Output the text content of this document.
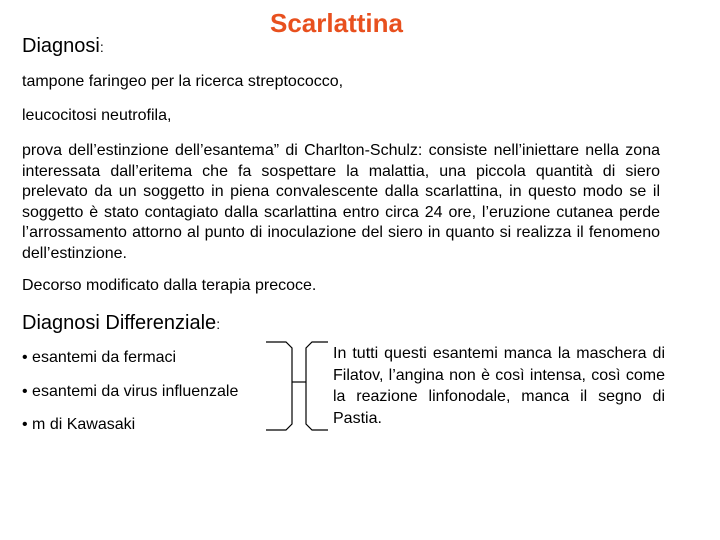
Scarlattina
Diagnosi:
tampone faringeo per la ricerca streptococco,
leucocitosi neutrofila,
prova dell’estinzione dell’esantema” di Charlton-Schulz: consiste nell’iniettare nella zona interessata dall’eritema che fa sospettare la malattia, una piccola quantità di siero prelevato da un soggetto in piena convalescente dalla scarlattina, in questo modo se il soggetto è stato contagiato dalla scarlattina entro circa 24 ore, l’eruzione cutanea perde l’arrossamento attorno al punto di inoculazione del siero in quanto si realizza il fenomeno dell’estinzione.
Decorso modificato dalla terapia precoce.
Diagnosi Differenziale:
• esantemi da fermaci
• esantemi da virus influenzale
• m di Kawasaki
In tutti questi esantemi manca la maschera di Filatov, l’angina non è così intensa, così come la reazione linfonodale, manca il segno di Pastia.
